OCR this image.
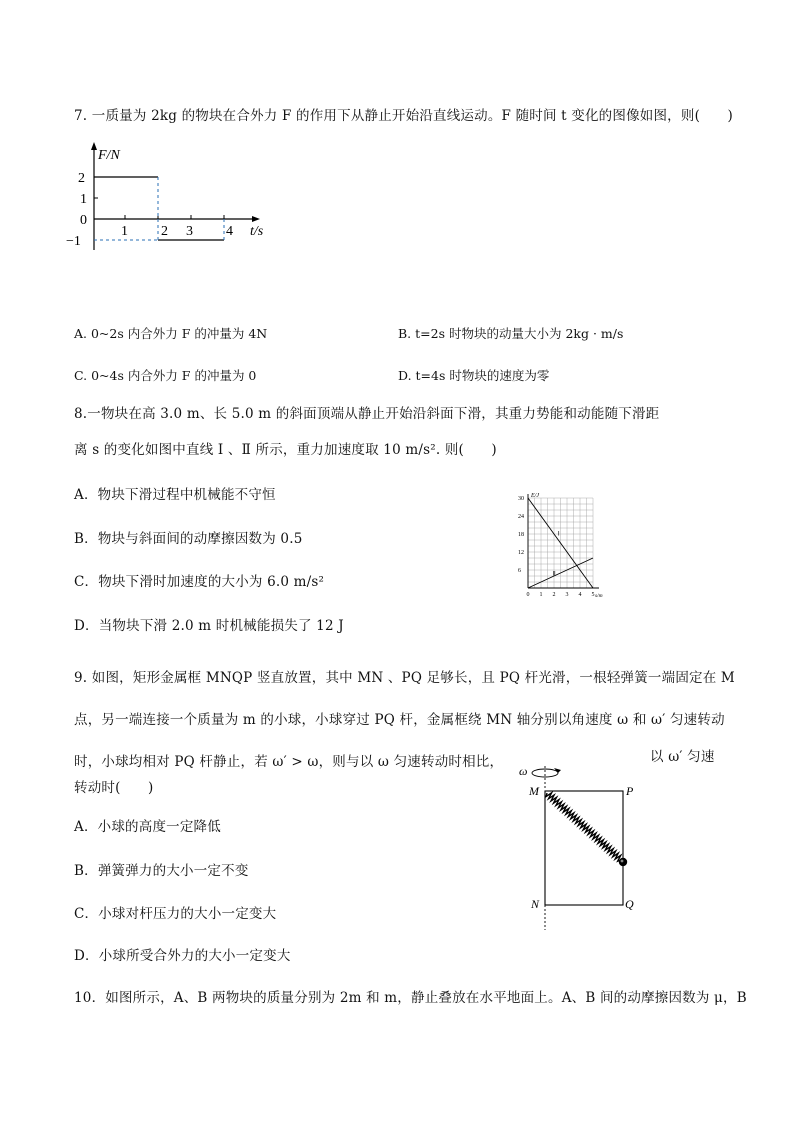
7. 一质量为 2kg 的物块在合外力 F 的作用下从静止开始沿直线运动。F 随时间 t 变化的图像如图，则(　　)
F/N
t/s
2
1
0
−1
1 2 3 4
A. 0~2s 内合外力 F 的冲量为 4N	B. t=2s 时物块的动量大小为 2kg · m/s
C. 0~4s 内合外力 F 的冲量为 0	D. t=4s 时物块的速度为零
8.一物块在高 3.0 m、长 5.0 m 的斜面顶端从静止开始沿斜面下滑，其重力势能和动能随下滑距
离 s 的变化如图中直线 Ⅰ 、Ⅱ 所示，重力加速度取 10 m/s². 则(　　)
A．物块下滑过程中机械能不守恒
B．物块与斜面间的动摩擦因数为 0.5
C．物块下滑时加速度的大小为 6.0 m/s²
D．当物块下滑 2.0 m 时机械能损失了 12 J
E/J
s/m
0 1 2 3 4 5
30
24
18
12
6
Ⅰ
Ⅱ
9. 如图，矩形金属框 MNQP 竖直放置，其中 MN 、PQ 足够长，且 PQ 杆光滑，一根轻弹簧一端固定在 M
点，另一端连接一个质量为 m 的小球，小球穿过 PQ 杆，金属框绕 MN 轴分别以角速度 ω 和 ω′ 匀速转动
时，小球均相对 PQ 杆静止，若 ω′ > ω，则与以 ω 匀速转动时相比，	以 ω′ 匀速
转动时(　　)
ω
M	P
N	Q
A．小球的高度一定降低
B．弹簧弹力的大小一定不变
C．小球对杆压力的大小一定变大
D．小球所受合外力的大小一定变大
10．如图所示，A、B 两物块的质量分别为 2m 和 m，静止叠放在水平地面上。A、B 间的动摩擦因数为 μ，B
